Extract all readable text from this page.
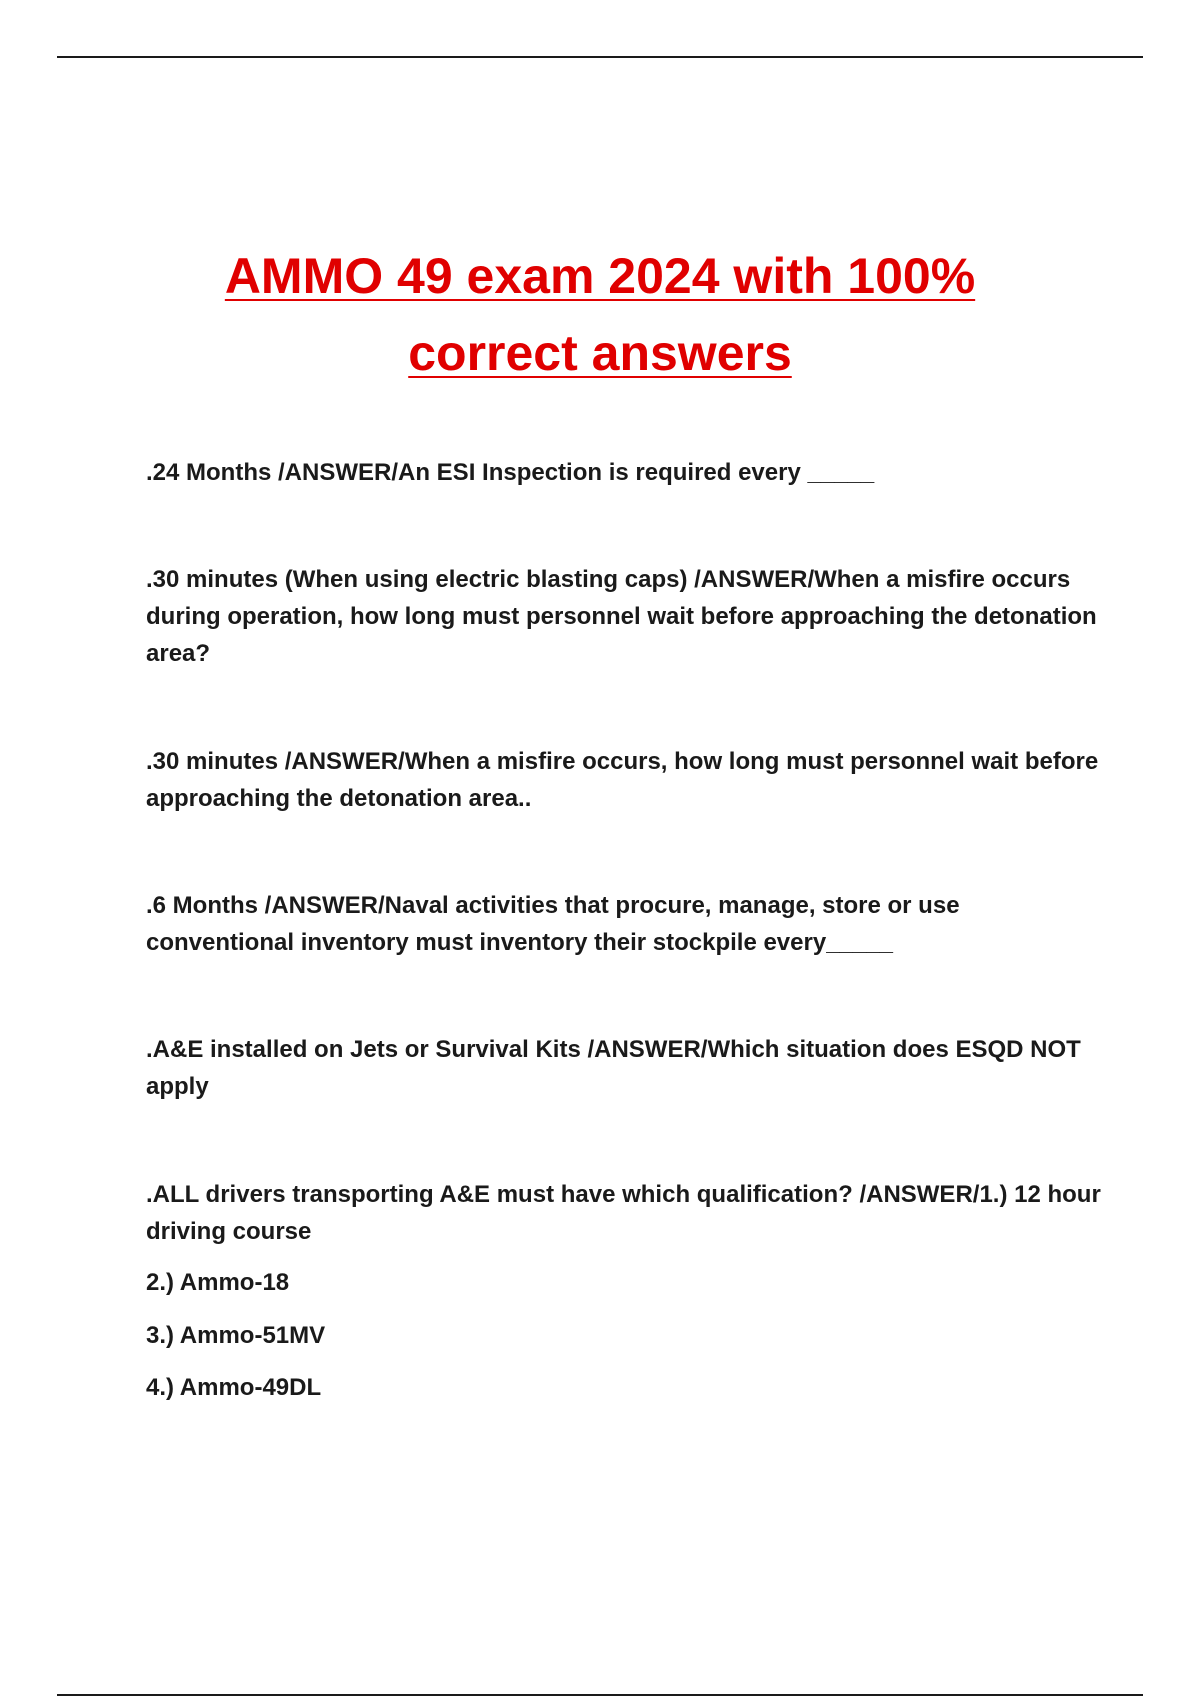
AMMO 49 exam 2024 with 100%
correct answers

.24 Months /ANSWER/An ESI Inspection is required every _____

.30 minutes (When using electric blasting caps) /ANSWER/When a misfire occurs during operation, how long must personnel wait before approaching the detonation area?

.30 minutes /ANSWER/When a misfire occurs, how long must personnel wait before approaching the detonation area..

.6 Months /ANSWER/Naval activities that procure, manage, store or use conventional inventory must inventory their stockpile every_____

.A&E installed on Jets or Survival Kits /ANSWER/Which situation does ESQD NOT apply

.ALL drivers transporting A&E must have which qualification? /ANSWER/1.) 12 hour driving course

2.) Ammo-18

3.) Ammo-51MV

4.) Ammo-49DL
